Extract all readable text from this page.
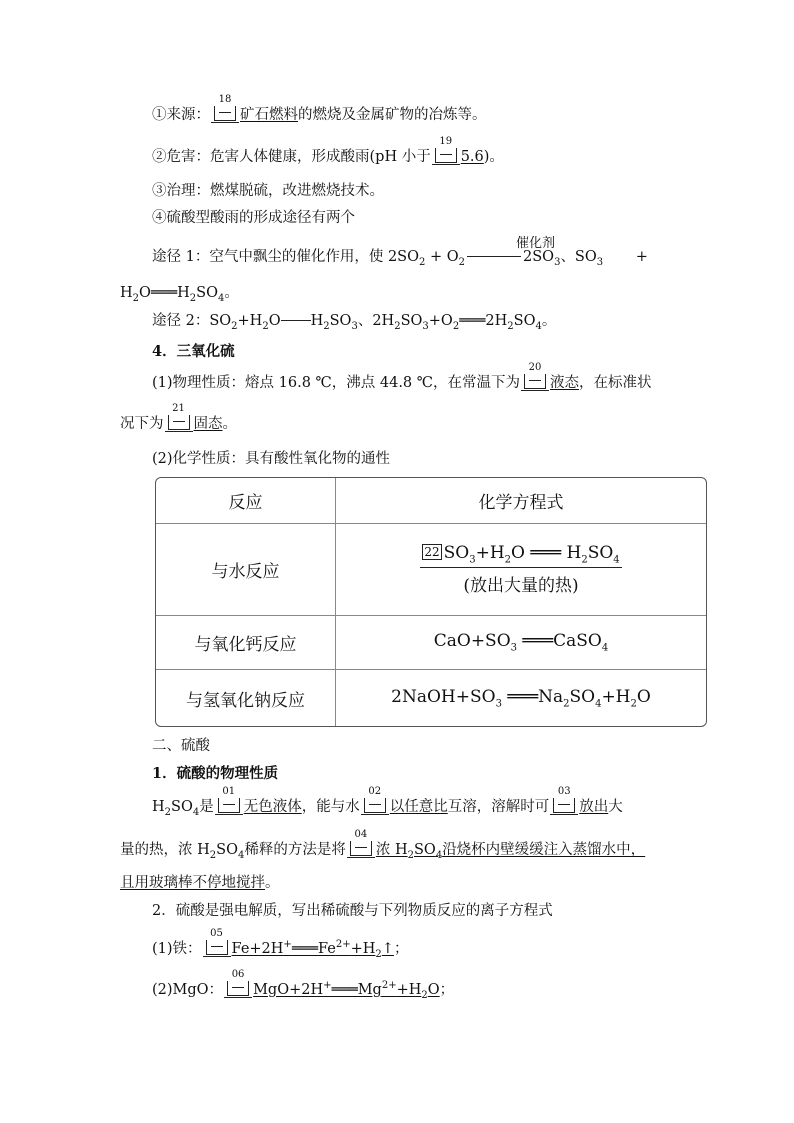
①来源：
18
矿石燃料的燃烧及金属矿物的冶炼等。
②危害：危害人体健康，形成酸雨(pH 小于
19
5.6)。
③治理：燃煤脱硫，改进燃烧技术。
④硫酸型酸雨的形成途径有两个
催化剂
途径 1：空气中飘尘的催化作用，使 $2SO_2 + O_2$	$2SO_3$、$SO_3$ +
$H_2O═══H_2SO_4$。
途径 2：$SO_2+H_2O$ $H_2SO_3$、$2H_2SO_3+O_2═══2H_2SO_4$。
4．三氧化硫
(1)物理性质：熔点 16.8 ℃，沸点 44.8 ℃，在常温下为
20
液态，在标准状
况下为
21
固态。
(2)化学性质：具有酸性氧化物的通性
反应	化学方程式
与水反应	$\frac{22 SO_3+H_2O ═══ H_2SO_4}{\text{(放出大量的热)}}$

与氧化钙反应	$CaO+SO_3$ ═══CaSO$_4$
与氢氧化钠反应	$2NaOH+SO_3$ $═══Na_2SO_4+H_2O$
二、硫酸
1．硫酸的物理性质
$H_2SO_4$是
01
无色液体，能与水
02
以任意比互溶，溶解时可
03
放出大
量的热，浓 $H_2SO_4$稀释的方法是将
04
浓 $H_2SO_4$沿烧杯内壁缓缓注入蒸馏水中，
且用玻璃棒不停地搅拌。
2．硫酸是强电解质，写出稀硫酸与下列物质反应的离子方程式
(1)铁：
05
$Fe+2H^+═══Fe^{2+}+H_2↑$；
(2)MgO：
06
$MgO+2H^+═══Mg^{2+}+H_2O$；
